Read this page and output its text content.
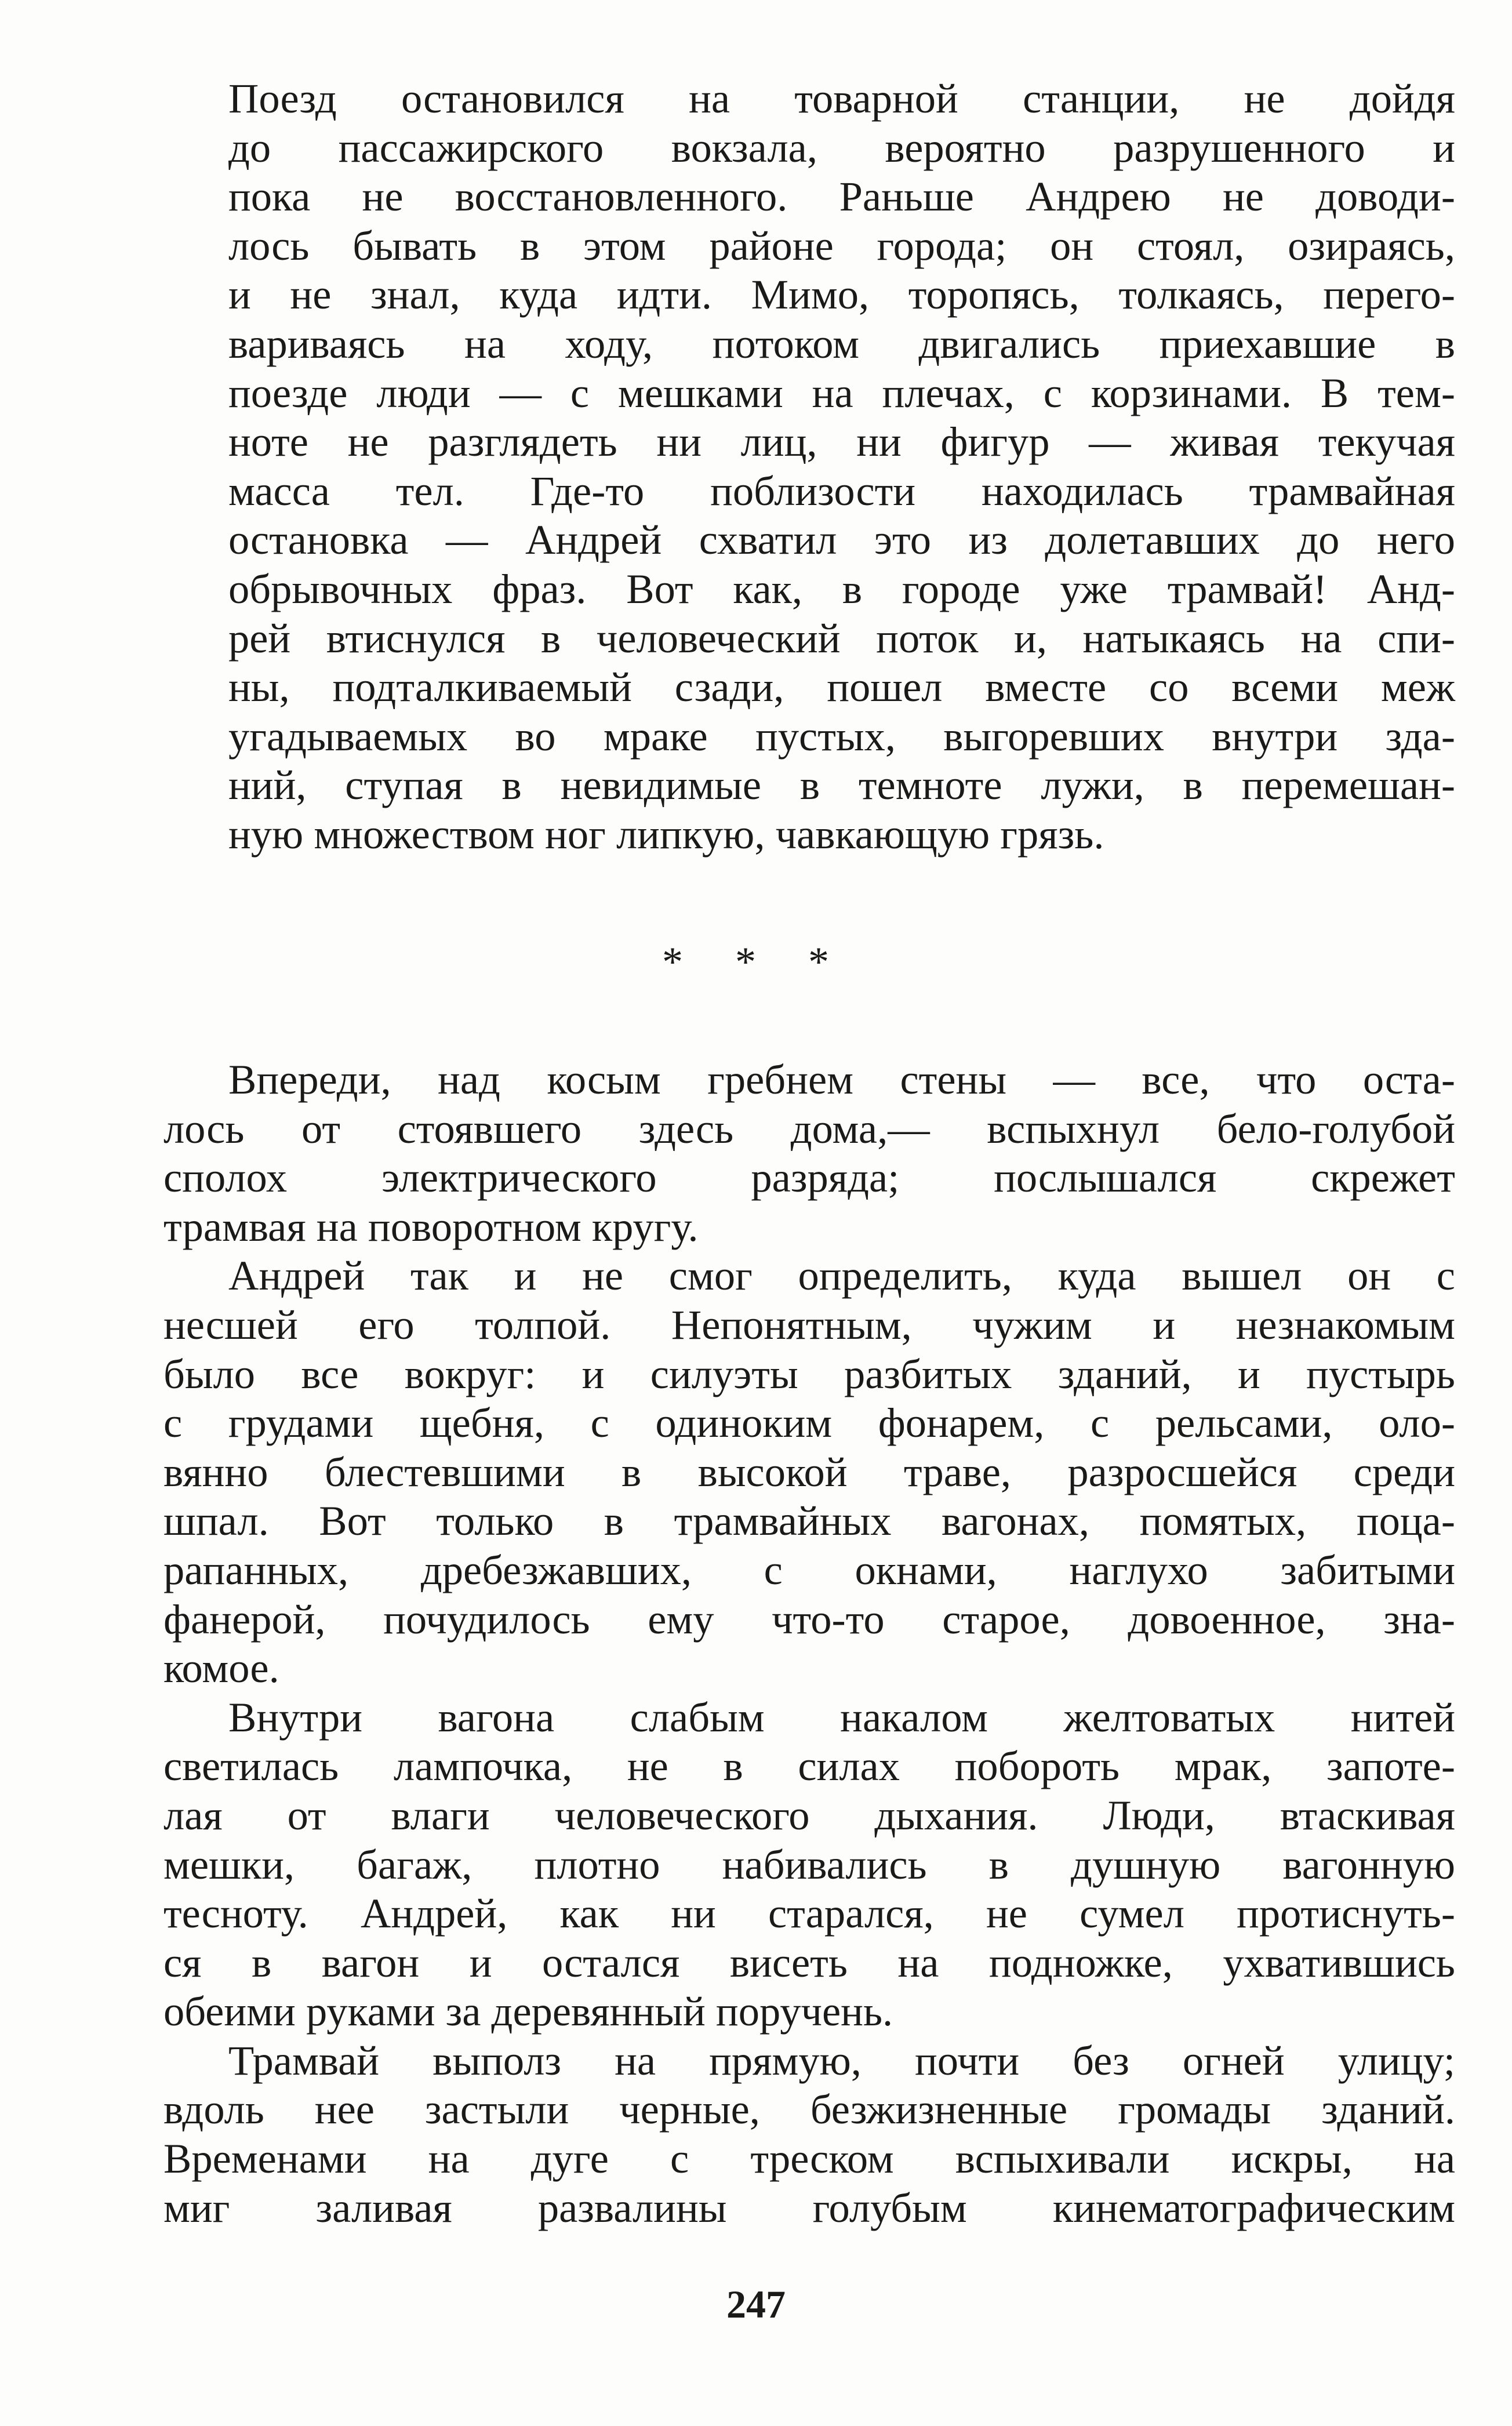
Поезд остановился на товарной станции, не дойдя
до пассажирского вокзала, вероятно разрушенного и
пока не восстановленного. Раньше Андрею не доводи-
лось бывать в этом районе города; он стоял, озираясь,
и не знал, куда идти. Мимо, торопясь, толкаясь, перего-
вариваясь на ходу, потоком двигались приехавшие в
поезде люди — с мешками на плечах, с корзинами. В тем-
ноте не разглядеть ни лиц, ни фигур — живая текучая
масса тел. Где-то поблизости находилась трамвайная
остановка — Андрей схватил это из долетавших до него
обрывочных фраз. Вот как, в городе уже трамвай! Анд-
рей втиснулся в человеческий поток и, натыкаясь на спи-
ны, подталкиваемый сзади, пошел вместе со всеми меж
угадываемых во мраке пустых, выгоревших внутри зда-
ний, ступая в невидимые в темноте лужи, в перемешан-
ную множеством ног липкую, чавкающую грязь.
* * *
Впереди, над косым гребнем стены — все, что оста-
лось от стоявшего здесь дома,— вспыхнул бело-голубой
сполох электрического разряда; послышался скрежет
трамвая на поворотном кругу.
Андрей так и не смог определить, куда вышел он с
несшей его толпой. Непонятным, чужим и незнакомым
было все вокруг: и силуэты разбитых зданий, и пустырь
с грудами щебня, с одиноким фонарем, с рельсами, оло-
вянно блестевшими в высокой траве, разросшейся среди
шпал. Вот только в трамвайных вагонах, помятых, поца-
рапанных, дребезжавших, с окнами, наглухо забитыми
фанерой, почудилось ему что-то старое, довоенное, зна-
комое.
Внутри вагона слабым накалом желтоватых нитей
светилась лампочка, не в силах побороть мрак, запоте-
лая от влаги человеческого дыхания. Люди, втаскивая
мешки, багаж, плотно набивались в душную вагонную
тесноту. Андрей, как ни старался, не сумел протиснуть-
ся в вагон и остался висеть на подножке, ухватившись
обеими руками за деревянный поручень.
Трамвай выполз на прямую, почти без огней улицу;
вдоль нее застыли черные, безжизненные громады зданий.
Временами на дуге с треском вспыхивали искры, на
миг заливая развалины голубым кинематографическим
247
